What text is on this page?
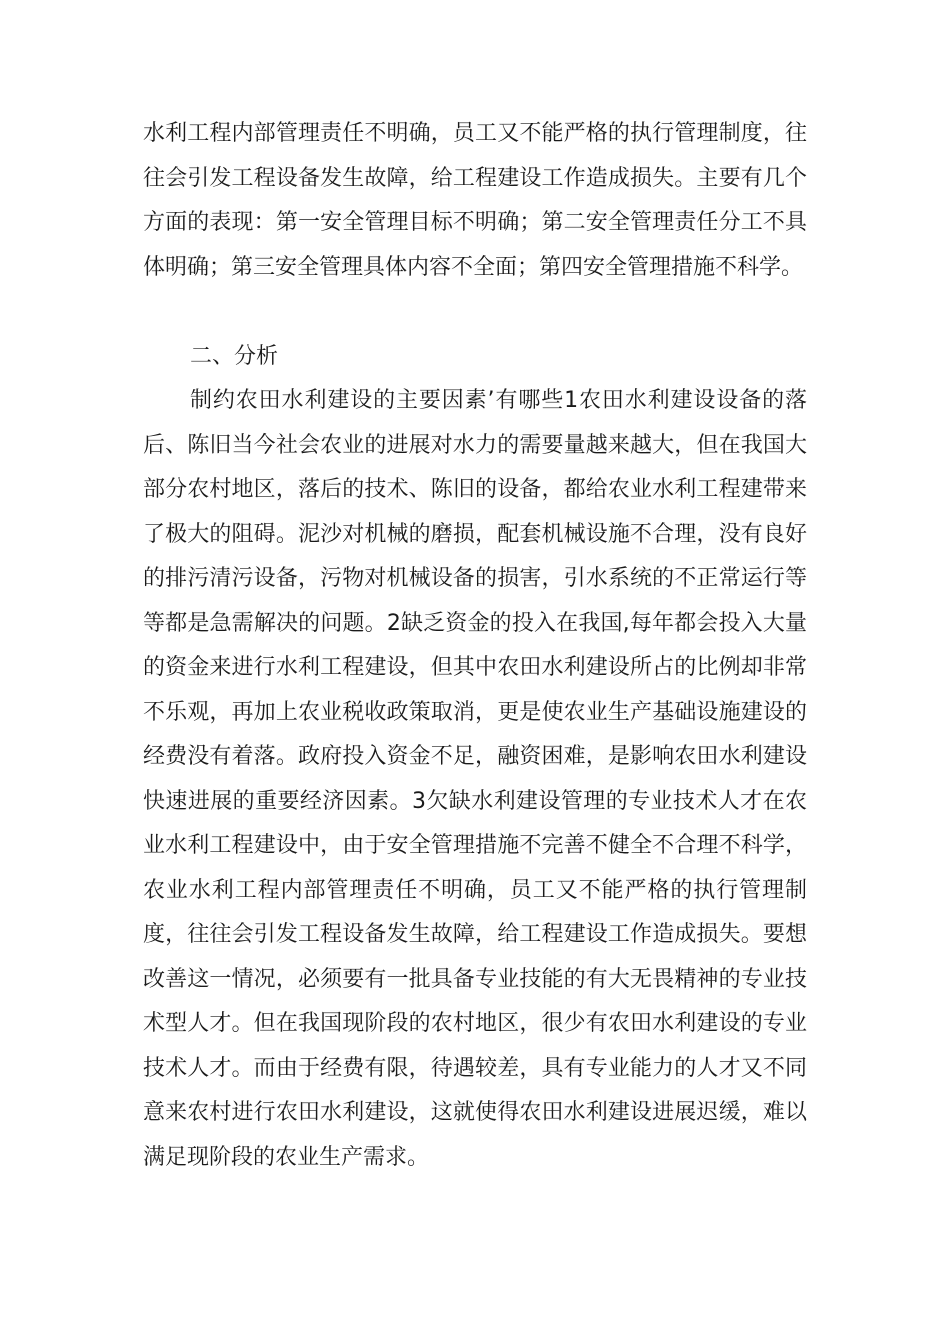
水利工程内部管理责任不明确，员工又不能严格的执行管理制度，往往会引发工程设备发生故障，给工程建设工作造成损失。主要有几个方面的表现：第一安全管理目标不明确；第二安全管理责任分工不具体明确；第三安全管理具体内容不全面；第四安全管理措施不科学。

二、分析

制约农田水利建设的主要因素’有哪些1农田水利建设设备的落后、陈旧当今社会农业的进展对水力的需要量越来越大，但在我国大部分农村地区，落后的技术、陈旧的设备，都给农业水利工程建带来了极大的阻碍。泥沙对机械的磨损，配套机械设施不合理，没有良好的排污清污设备，污物对机械设备的损害，引水系统的不正常运行等等都是急需解决的问题。2缺乏资金的投入在我国,每年都会投入大量的资金来进行水利工程建设，但其中农田水利建设所占的比例却非常不乐观，再加上农业税收政策取消，更是使农业生产基础设施建设的经费没有着落。政府投入资金不足，融资困难，是影响农田水利建设快速进展的重要经济因素。3欠缺水利建设管理的专业技术人才在农业水利工程建设中，由于安全管理措施不完善不健全不合理不科学，农业水利工程内部管理责任不明确，员工又不能严格的执行管理制度，往往会引发工程设备发生故障，给工程建设工作造成损失。要想改善这一情况，必须要有一批具备专业技能的有大无畏精神的专业技术型人才。但在我国现阶段的农村地区，很少有农田水利建设的专业技术人才。而由于经费有限，待遇较差，具有专业能力的人才又不同意来农村进行农田水利建设，这就使得农田水利建设进展迟缓，难以满足现阶段的农业生产需求。
